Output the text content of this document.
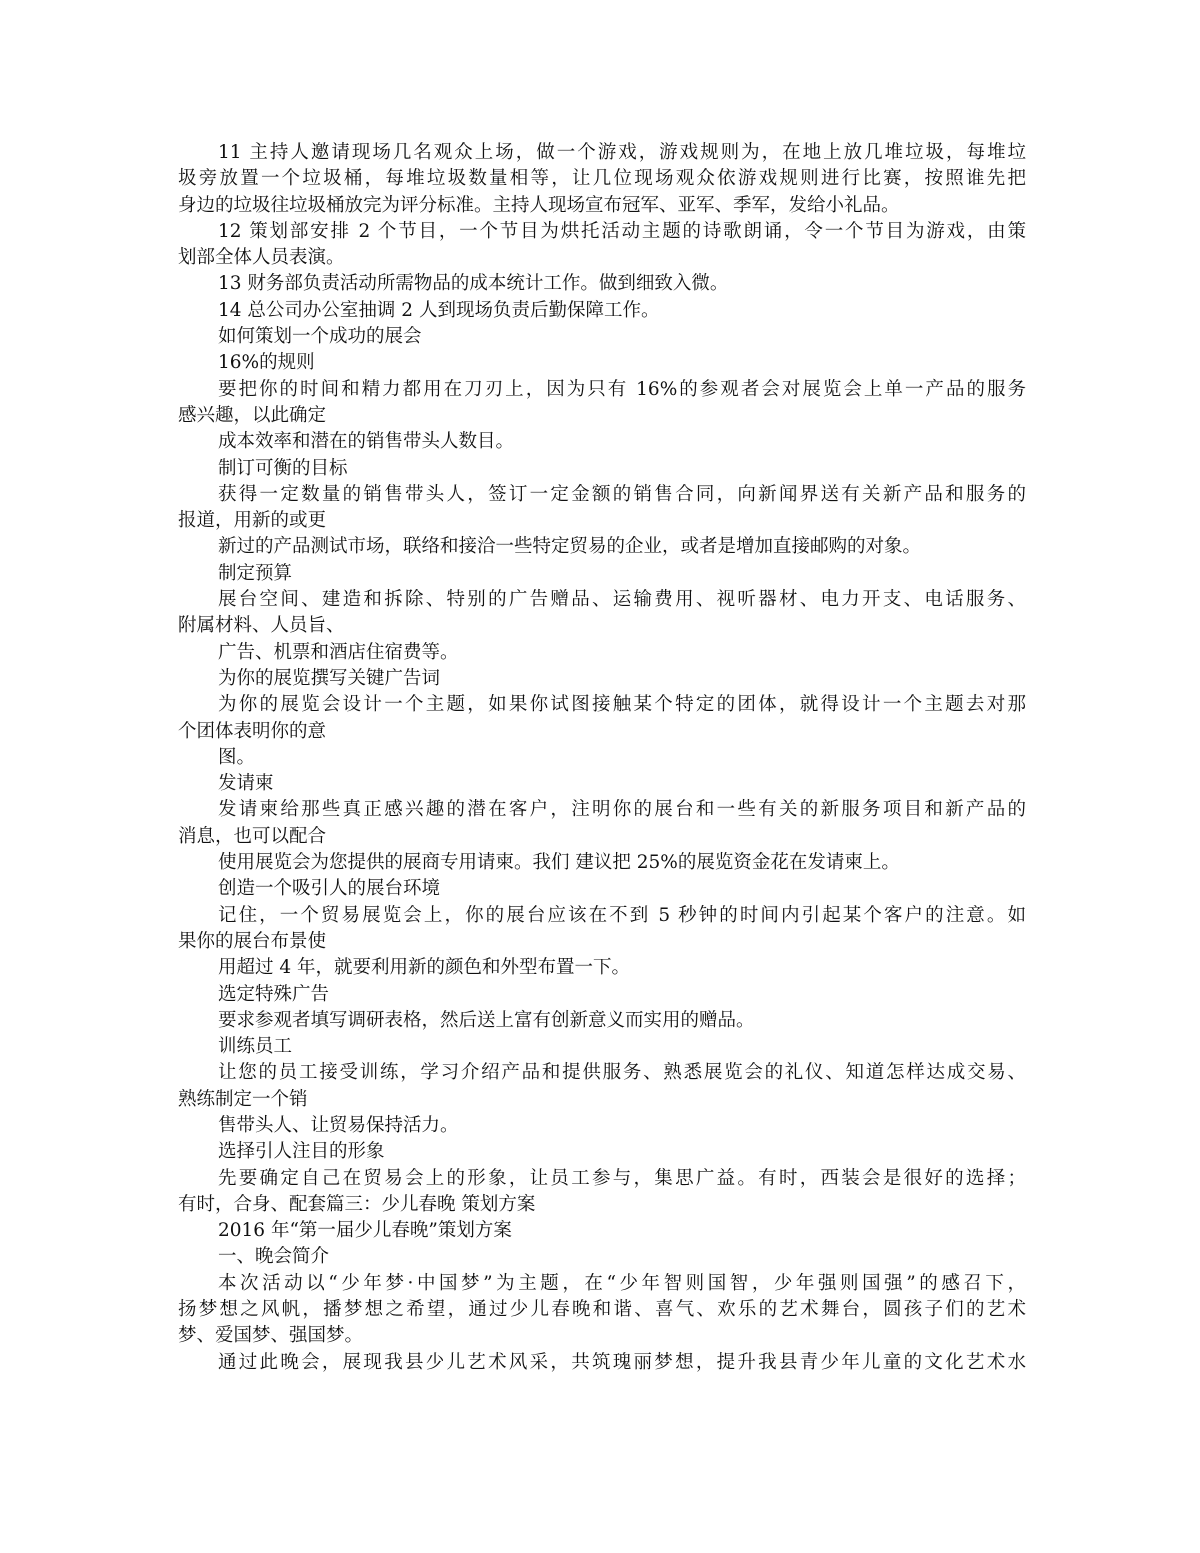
11 主持人邀请现场几名观众上场，做一个游戏，游戏规则为，在地上放几堆垃圾，每堆垃
圾旁放置一个垃圾桶，每堆垃圾数量相等，让几位现场观众依游戏规则进行比赛，按照谁先把
身边的垃圾往垃圾桶放完为评分标准。主持人现场宣布冠军、亚军、季军，发给小礼品。
12 策划部安排 2 个节目，一个节目为烘托活动主题的诗歌朗诵，令一个节目为游戏，由策
划部全体人员表演。
13 财务部负责活动所需物品的成本统计工作。做到细致入微。
14 总公司办公室抽调 2 人到现场负责后勤保障工作。
如何策划一个成功的展会
16%的规则
要把你的时间和精力都用在刀刃上，因为只有 16%的参观者会对展览会上单一产品的服务
感兴趣，以此确定
成本效率和潜在的销售带头人数目。
制订可衡的目标
获得一定数量的销售带头人，签订一定金额的销售合同，向新闻界送有关新产品和服务的
报道，用新的或更
新过的产品测试市场，联络和接洽一些特定贸易的企业，或者是增加直接邮购的对象。
制定预算
展台空间、建造和拆除、特别的广告赠品、运输费用、视听器材、电力开支、电话服务、
附属材料、人员旨、
广告、机票和酒店住宿费等。
为你的展览撰写关键广告词
为你的展览会设计一个主题，如果你试图接触某个特定的团体，就得设计一个主题去对那
个团体表明你的意
图。
发请柬
发请柬给那些真正感兴趣的潜在客户，注明你的展台和一些有关的新服务项目和新产品的
消息，也可以配合
使用展览会为您提供的展商专用请柬。我们 建议把 25%的展览资金花在发请柬上。
创造一个吸引人的展台环境
记住，一个贸易展览会上，你的展台应该在不到 5 秒钟的时间内引起某个客户的注意。如
果你的展台布景使
用超过 4 年，就要利用新的颜色和外型布置一下。
选定特殊广告
要求参观者填写调研表格，然后送上富有创新意义而实用的赠品。
训练员工
让您的员工接受训练，学习介绍产品和提供服务、熟悉展览会的礼仪、知道怎样达成交易、
熟练制定一个销
售带头人、让贸易保持活力。
选择引人注目的形象
先要确定自己在贸易会上的形象，让员工参与，集思广益。有时，西装会是很好的选择；
有时，合身、配套篇三：少儿春晚 策划方案
2016 年“第一届少儿春晚”策划方案
一、晚会简介
本次活动以“少年梦·中国梦”为主题，在“少年智则国智，少年强则国强”的感召下，
扬梦想之风帆，播梦想之希望，通过少儿春晚和谐、喜气、欢乐的艺术舞台，圆孩子们的艺术
梦、爱国梦、强国梦。
通过此晚会，展现我县少儿艺术风采，共筑瑰丽梦想，提升我县青少年儿童的文化艺术水
